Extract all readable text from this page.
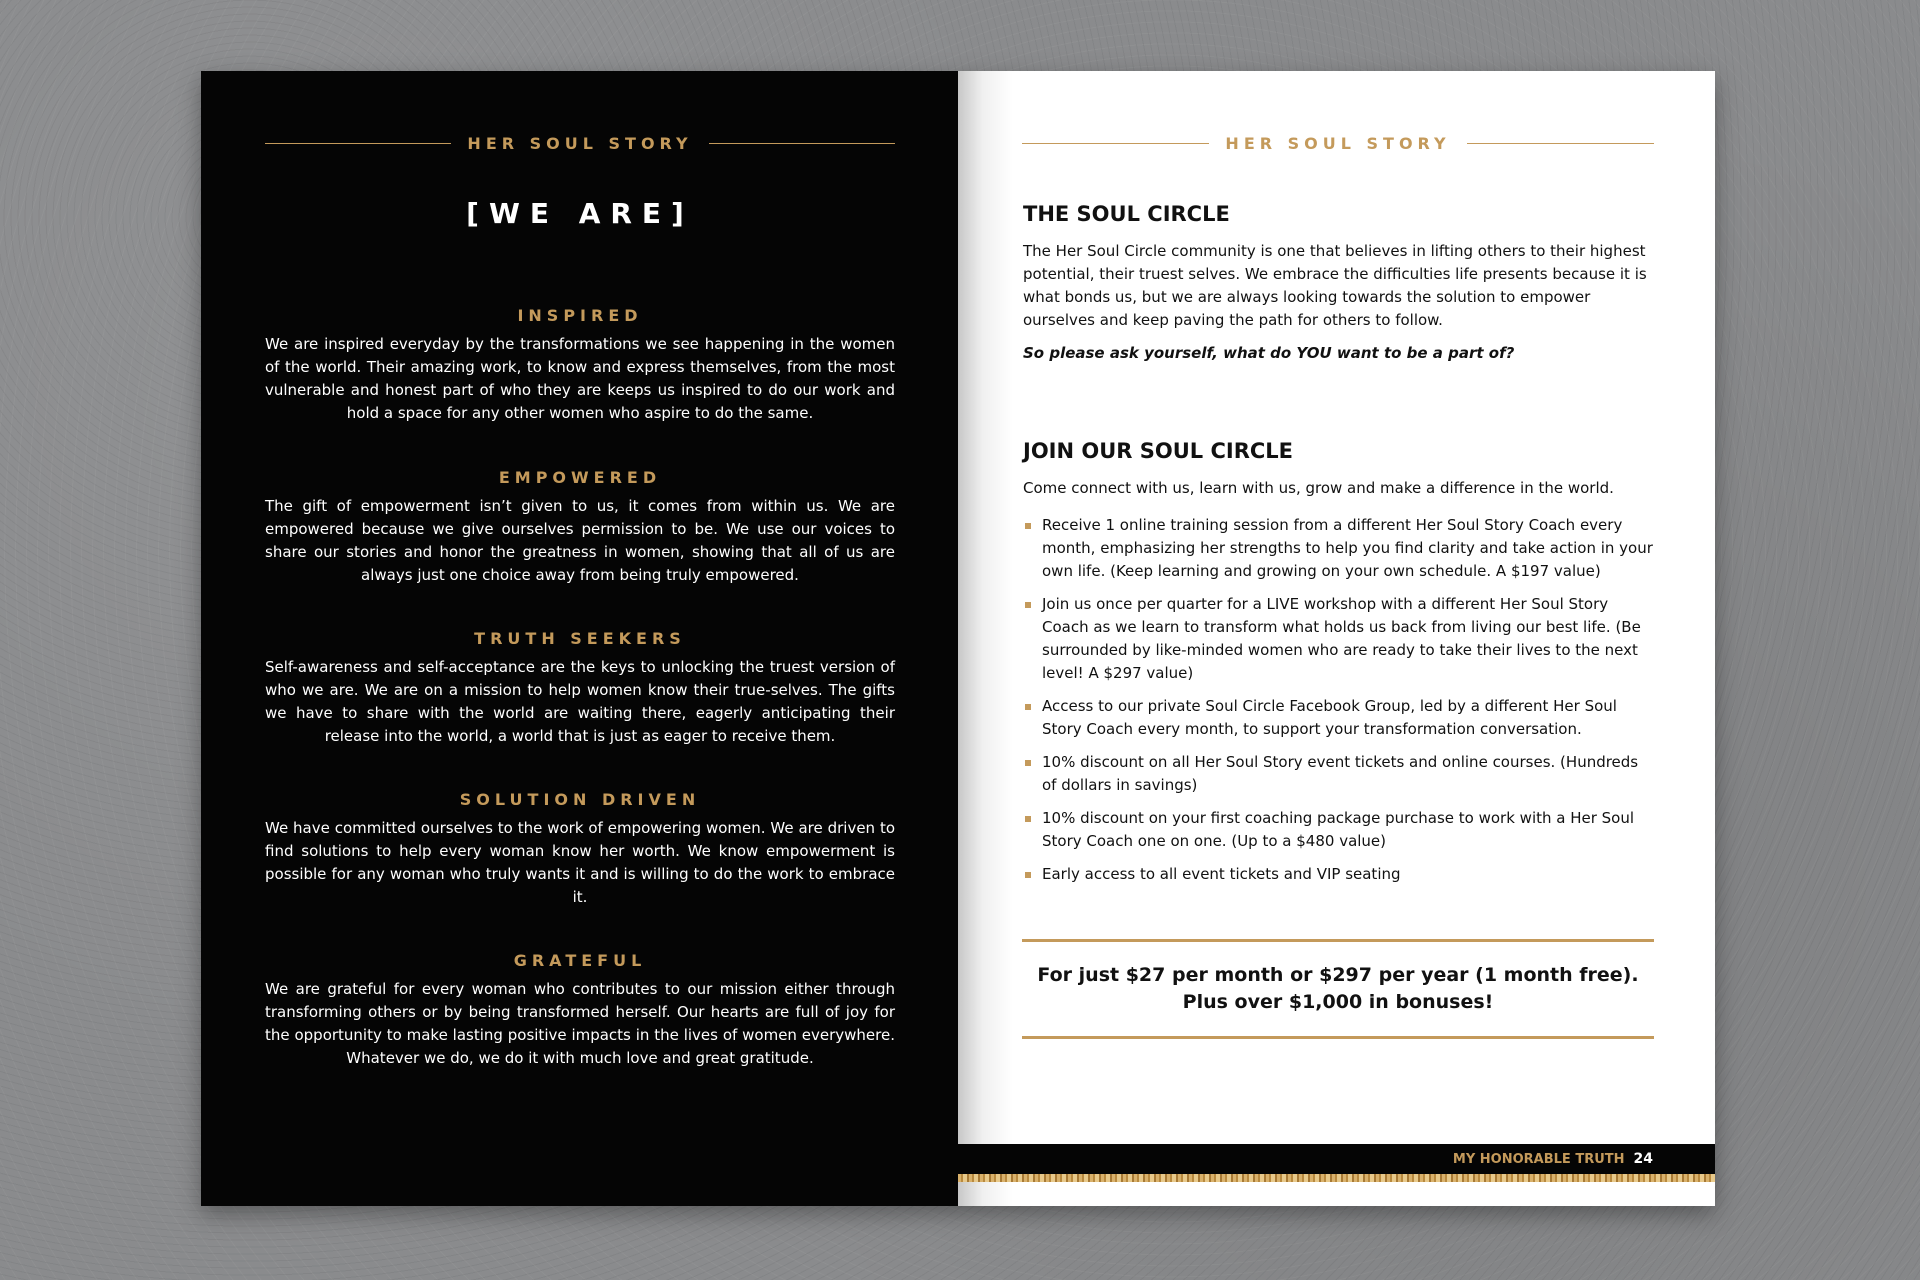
HER SOUL STORY
[WE ARE]
INSPIRED

We are inspired everyday by the transformations we see happening in the women of the world. Their amazing work, to know and express themselves, from the most vulnerable and honest part of who they are keeps us inspired to do our work and hold a space for any other women who aspire to do the same.

EMPOWERED

The gift of empowerment isn’t given to us, it comes from within us. We are empowered because we give ourselves permission to be. We use our voices to share our stories and honor the greatness in women, showing that all of us are always just one choice away from being truly empowered.

TRUTH SEEKERS

Self-awareness and self-acceptance are the keys to unlocking the truest version of who we are. We are on a mission to help women know their true-selves. The gifts we have to share with the world are waiting there, eagerly anticipating their release into the world, a world that is just as eager to receive them.

SOLUTION DRIVEN

We have committed ourselves to the work of empowering women. We are driven to find solutions to help every woman know her worth. We know empowerment is possible for any woman who truly wants it and is willing to do the work to embrace it.

GRATEFUL

We are grateful for every woman who contributes to our mission either through transforming others or by being transformed herself. Our hearts are full of joy for the opportunity to make lasting positive impacts in the lives of women everywhere. Whatever we do, we do it with much love and great gratitude.

HER SOUL STORY
THE SOUL CIRCLE

The Her Soul Circle community is one that believes in lifting others to their highest potential, their truest selves. We embrace the difficulties life presents because it is what bonds us, but we are always looking towards the solution to empower ourselves and keep paving the path for others to follow.

So please ask yourself, what do YOU want to be a part of?

JOIN OUR SOUL CIRCLE

Come connect with us, learn with us, grow and make a difference in the world.

Receive 1 online training session from a different Her Soul Story Coach every month, emphasizing her strengths to help you find clarity and take action in your own life. (Keep learning and growing on your own schedule. A $197 value)
Join us once per quarter for a LIVE workshop with a different Her Soul Story Coach as we learn to transform what holds us back from living our best life. (Be surrounded by like-minded women who are ready to take their lives to the next level! A $297 value)
Access to our private Soul Circle Facebook Group, led by a different Her Soul Story Coach every month, to support your transformation conversation.
10% discount on all Her Soul Story event tickets and online courses. (Hundreds of dollars in savings)
10% discount on your first coaching package purchase to work with a Her Soul Story Coach one on one. (Up to a $480 value)
Early access to all event tickets and VIP seating
For just $27 per month or $297 per year (1 month free).
Plus over $1,000 in bonuses!
MY HONORABLE TRUTH 24
